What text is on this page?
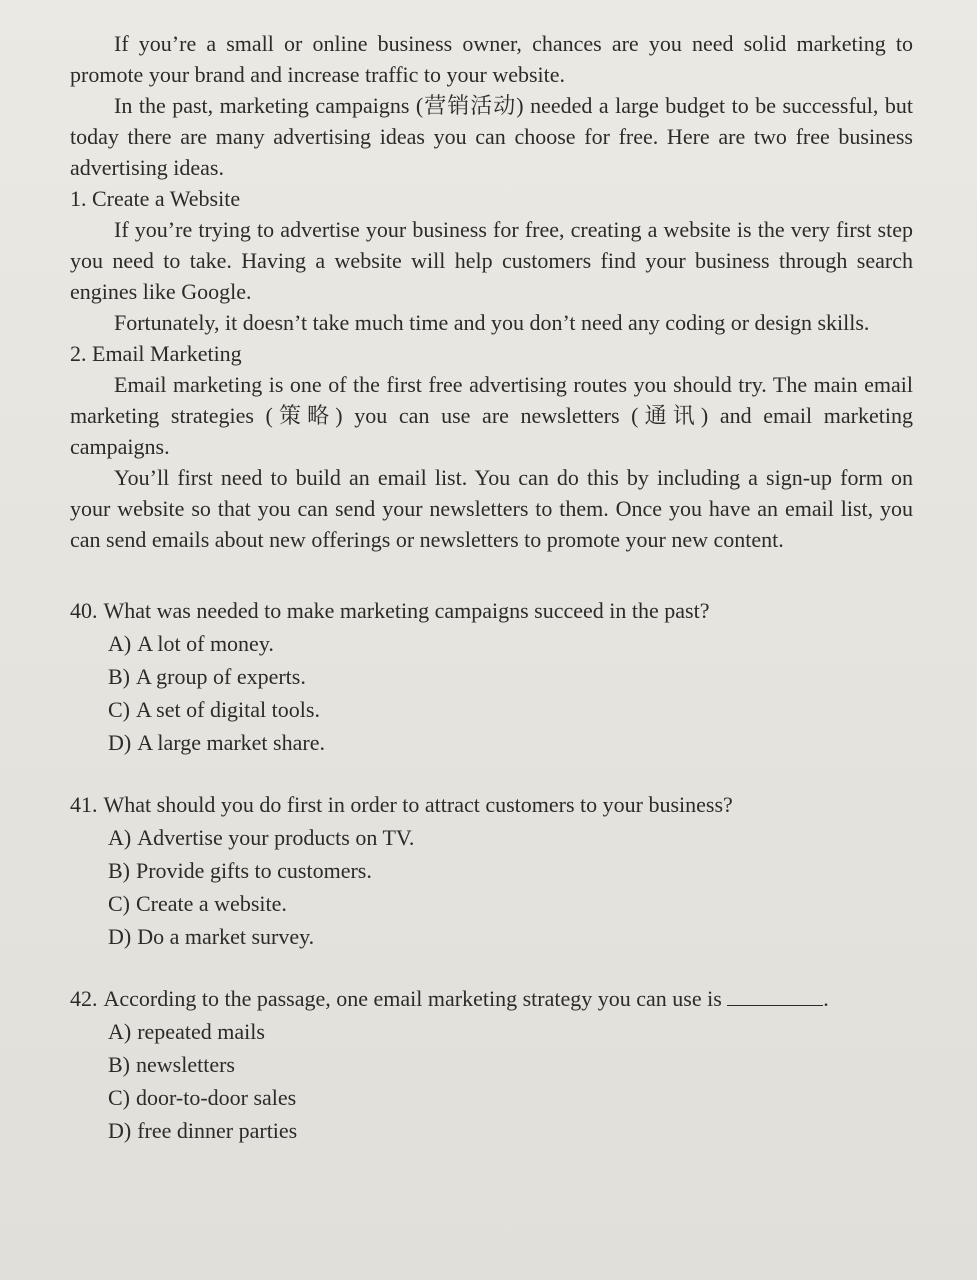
If you’re a small or online business owner, chances are you need solid marketing to promote your brand and increase traffic to your website.

In the past, marketing campaigns (营销活动) needed a large budget to be successful, but today there are many advertising ideas you can choose for free. Here are two free business advertising ideas.

1. Create a Website

If you’re trying to advertise your business for free, creating a website is the very first step you need to take. Having a website will help customers find your business through search engines like Google.

Fortunately, it doesn’t take much time and you don’t need any coding or design skills.

2. Email Marketing

Email marketing is one of the first free advertising routes you should try. The main email marketing strategies (策略) you can use are newsletters (通讯) and email marketing campaigns.

You’ll first need to build an email list. You can do this by including a sign-up form on your website so that you can send your newsletters to them. Once you have an email list, you can send emails about new offerings or newsletters to promote your new content.

40. What was needed to make marketing campaigns succeed in the past?

A) A lot of money.
B) A group of experts.
C) A set of digital tools.
D) A large market share.

41. What should you do first in order to attract customers to your business?

A) Advertise your products on TV.
B) Provide gifts to customers.
C) Create a website.
D) Do a market survey.

42. According to the passage, one email marketing strategy you can use is	.

A) repeated mails
B) newsletters
C) door-to-door sales
D) free dinner parties
